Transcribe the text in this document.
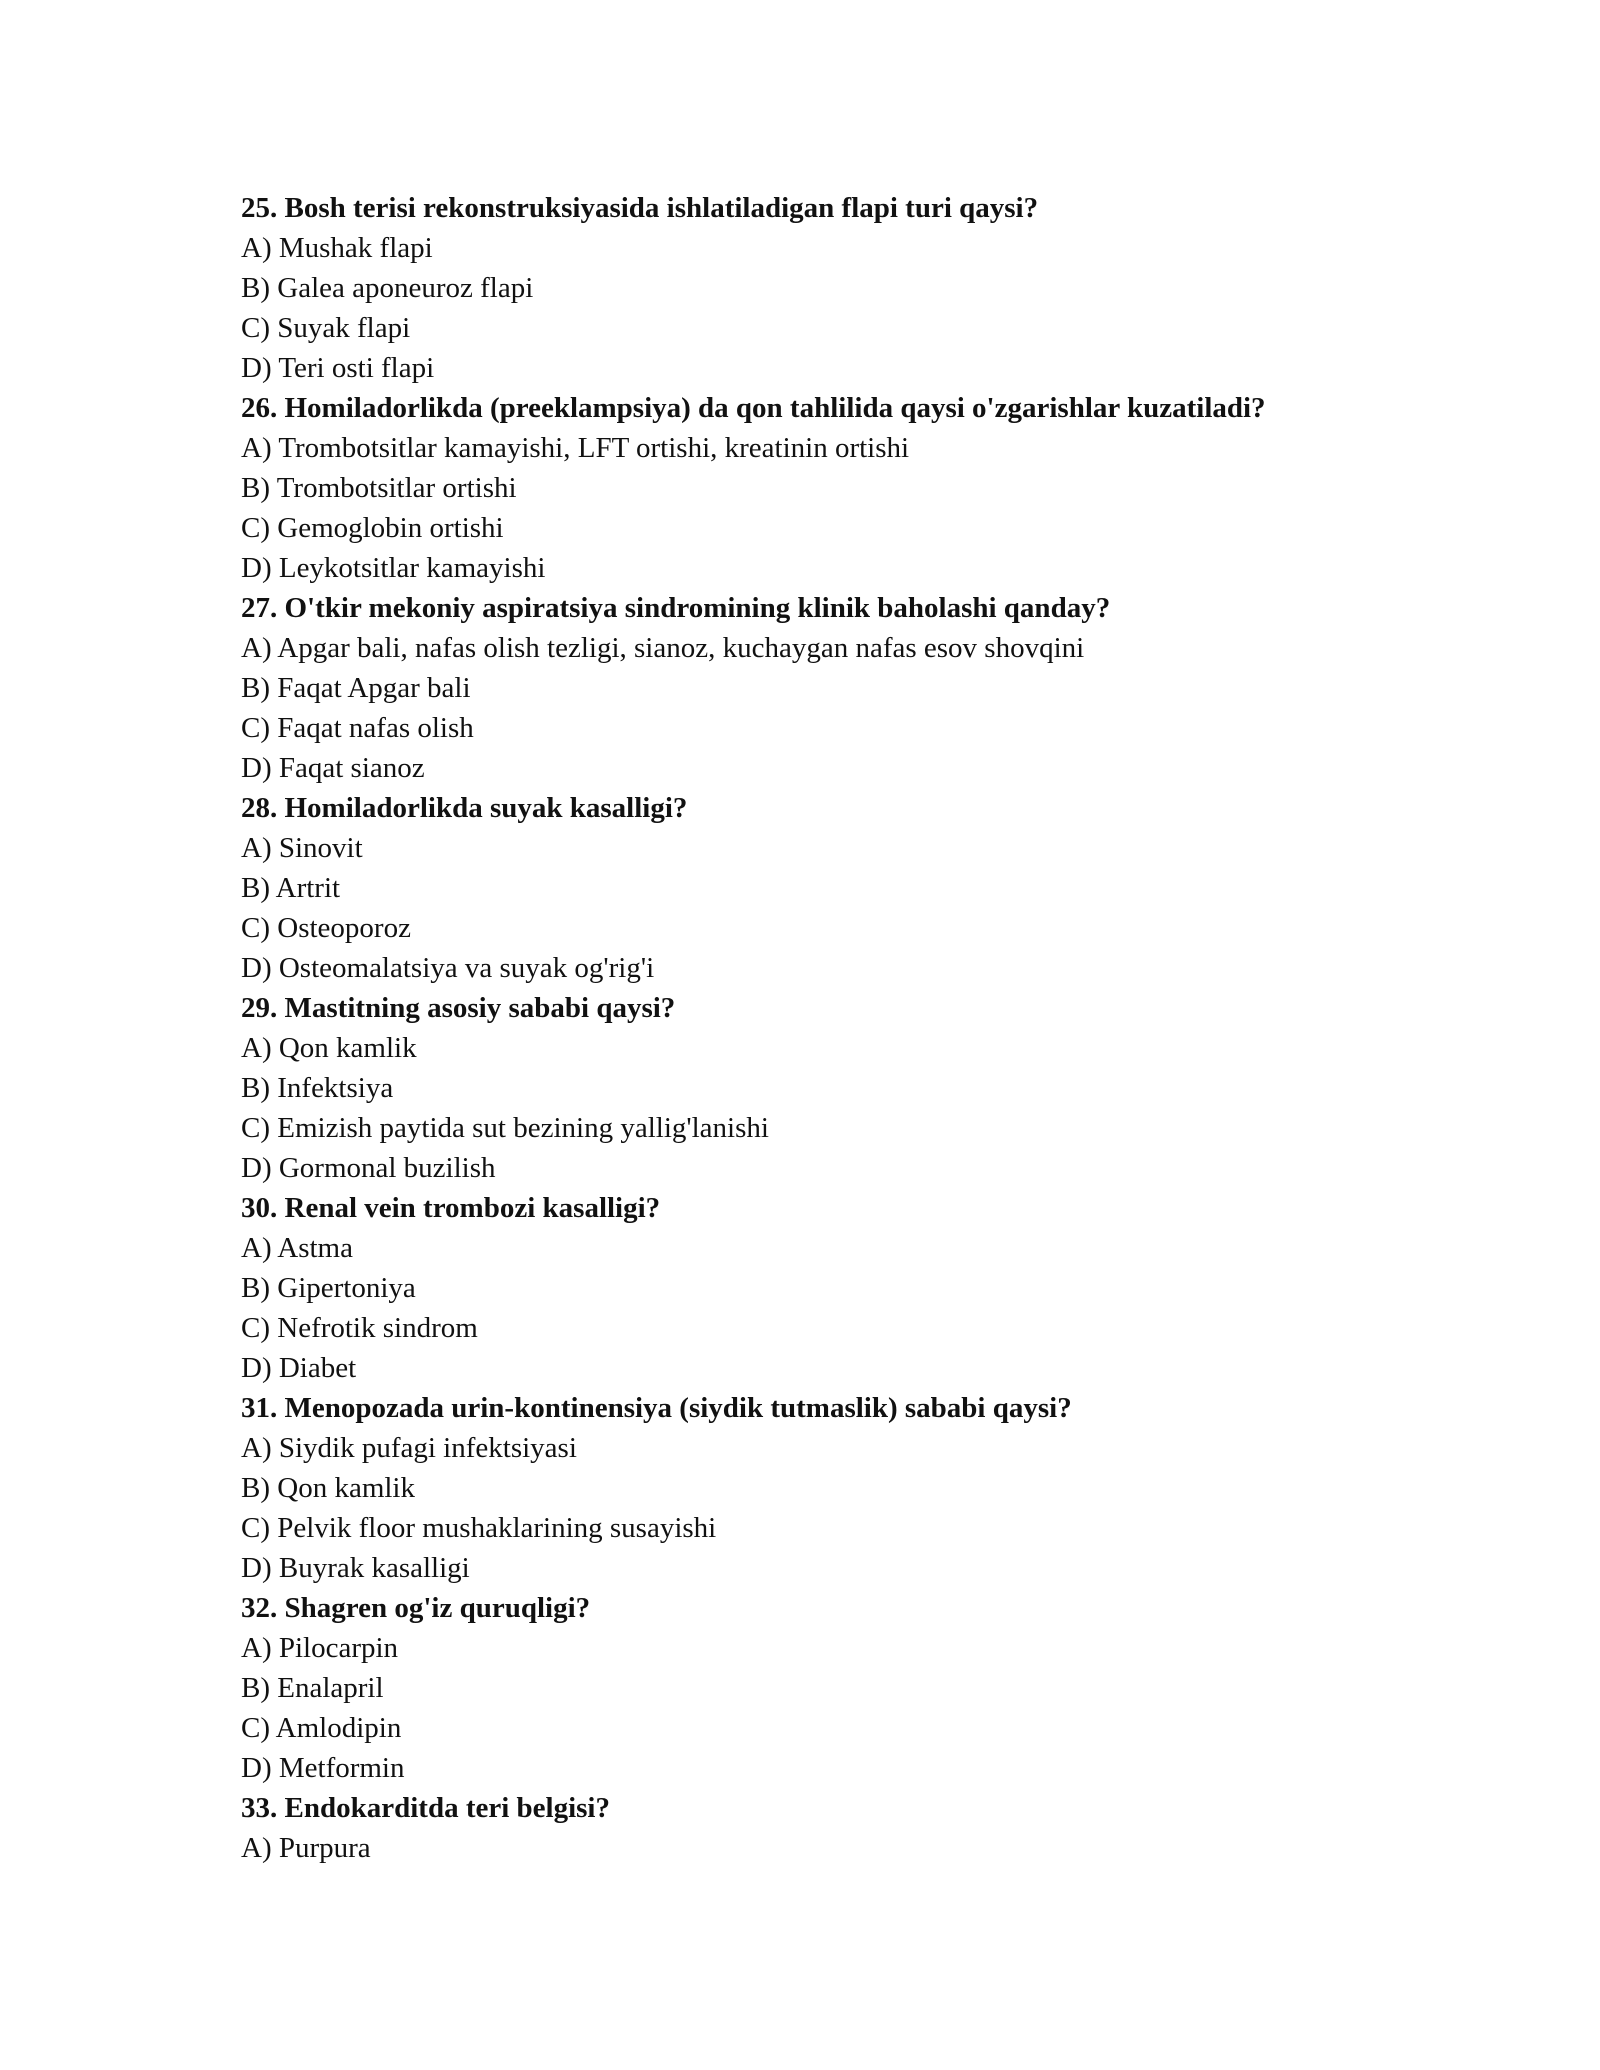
25. Bosh terisi rekonstruksiyasida ishlatiladigan flapi turi qaysi?
A) Mushak flapi
B) Galea aponeuroz flapi
C) Suyak flapi
D) Teri osti flapi
26. Homiladorlikda (preeklampsiya) da qon tahlilida qaysi o'zgarishlar kuzatiladi?
A) Trombotsitlar kamayishi, LFT ortishi, kreatinin ortishi
B) Trombotsitlar ortishi
C) Gemoglobin ortishi
D) Leykotsitlar kamayishi
27. O'tkir mekoniy aspiratsiya sindromining klinik baholashi qanday?
A) Apgar bali, nafas olish tezligi, sianoz, kuchaygan nafas esov shovqini
B) Faqat Apgar bali
C) Faqat nafas olish
D) Faqat sianoz
28. Homiladorlikda suyak kasalligi?
A) Sinovit
B) Artrit
C) Osteoporoz
D) Osteomalatsiya va suyak og'rig'i
29. Mastitning asosiy sababi qaysi?
A) Qon kamlik
B) Infektsiya
C) Emizish paytida sut bezining yallig'lanishi
D) Gormonal buzilish
30. Renal vein trombozi kasalligi?
A) Astma
B) Gipertoniya
C) Nefrotik sindrom
D) Diabet
31. Menopozada urin-kontinensiya (siydik tutmaslik) sababi qaysi?
A) Siydik pufagi infektsiyasi
B) Qon kamlik
C) Pelvik floor mushaklarining susayishi
D) Buyrak kasalligi
32. Shagren og'iz quruqligi?
A) Pilocarpin
B) Enalapril
C) Amlodipin
D) Metformin
33. Endokarditda teri belgisi?
A) Purpura
